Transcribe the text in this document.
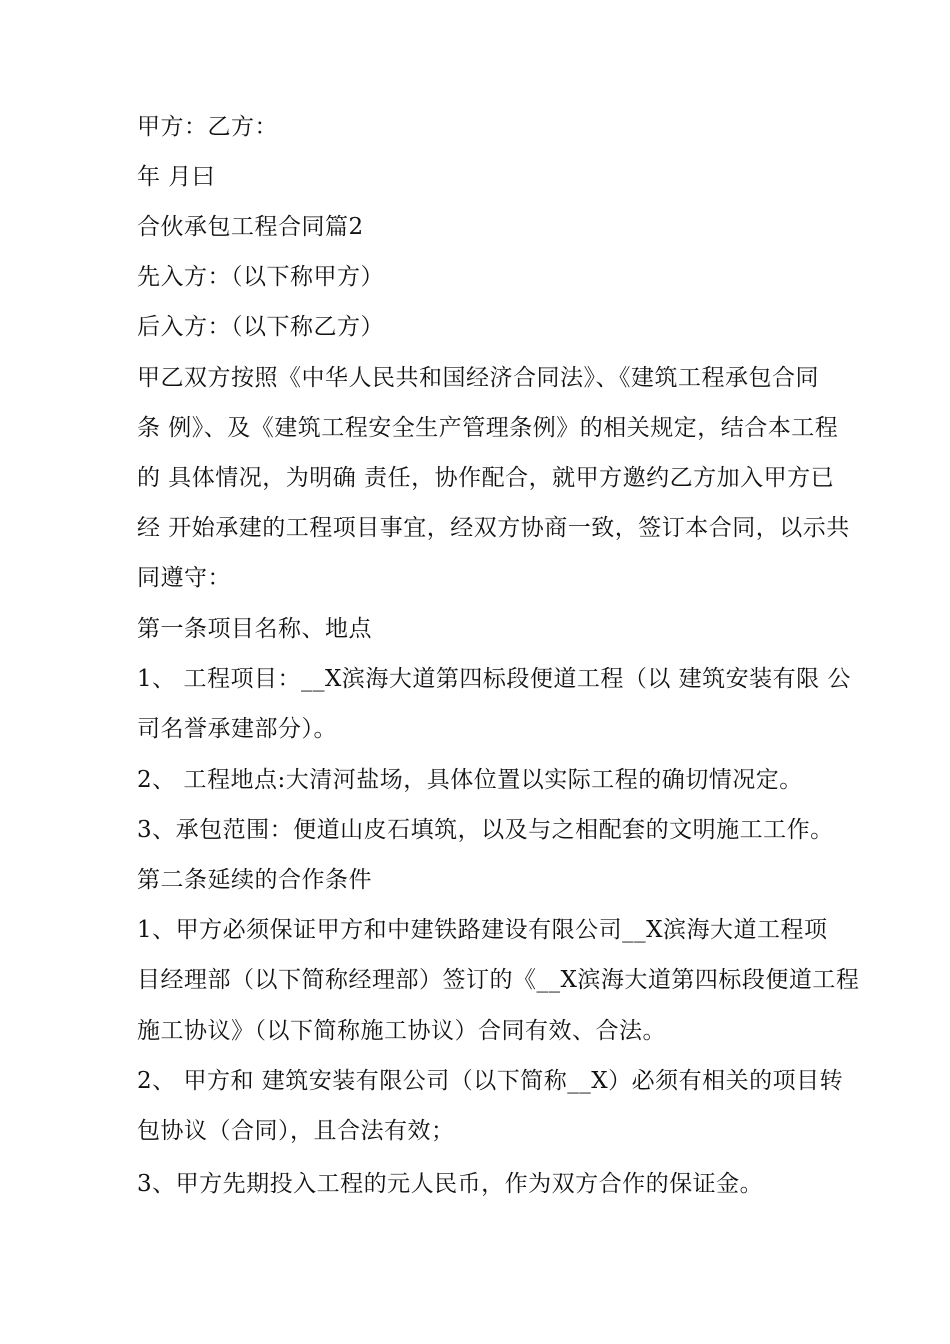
甲方：乙方：
年 月曰
合伙承包工程合同篇2
先入方：（以下称甲方）
后入方：（以下称乙方）
甲乙双方按照《中华人民共和国经济合同法》、《建筑工程承包合同
条 例》、及《建筑工程安全生产管理条例》的相关规定，结合本工程
的 具体情况，为明确 责任，协作配合，就甲方邀约乙方加入甲方已
经 开始承建的工程项目事宜，经双方协商一致，签订本合同，以示共
同遵守：
第一条项目名称、地点
1、 工程项目：__X滨海大道第四标段便道工程（以 建筑安装有限 公
司名誉承建部分）。
2、 工程地点:大清河盐场，具体位置以实际工程的确切情况定。
3、承包范围：便道山皮石填筑，以及与之相配套的文明施工工作。
第二条延续的合作条件
1、甲方必须保证甲方和中建铁路建设有限公司__X滨海大道工程项
目经理部（以下简称经理部）签订的《__X滨海大道第四标段便道工程
施工协议》（以下简称施工协议）合同有效、合法。
2、 甲方和 建筑安装有限公司（以下简称__X）必须有相关的项目转
包协议（合同），且合法有效；
3、甲方先期投入工程的元人民币，作为双方合作的保证金。
